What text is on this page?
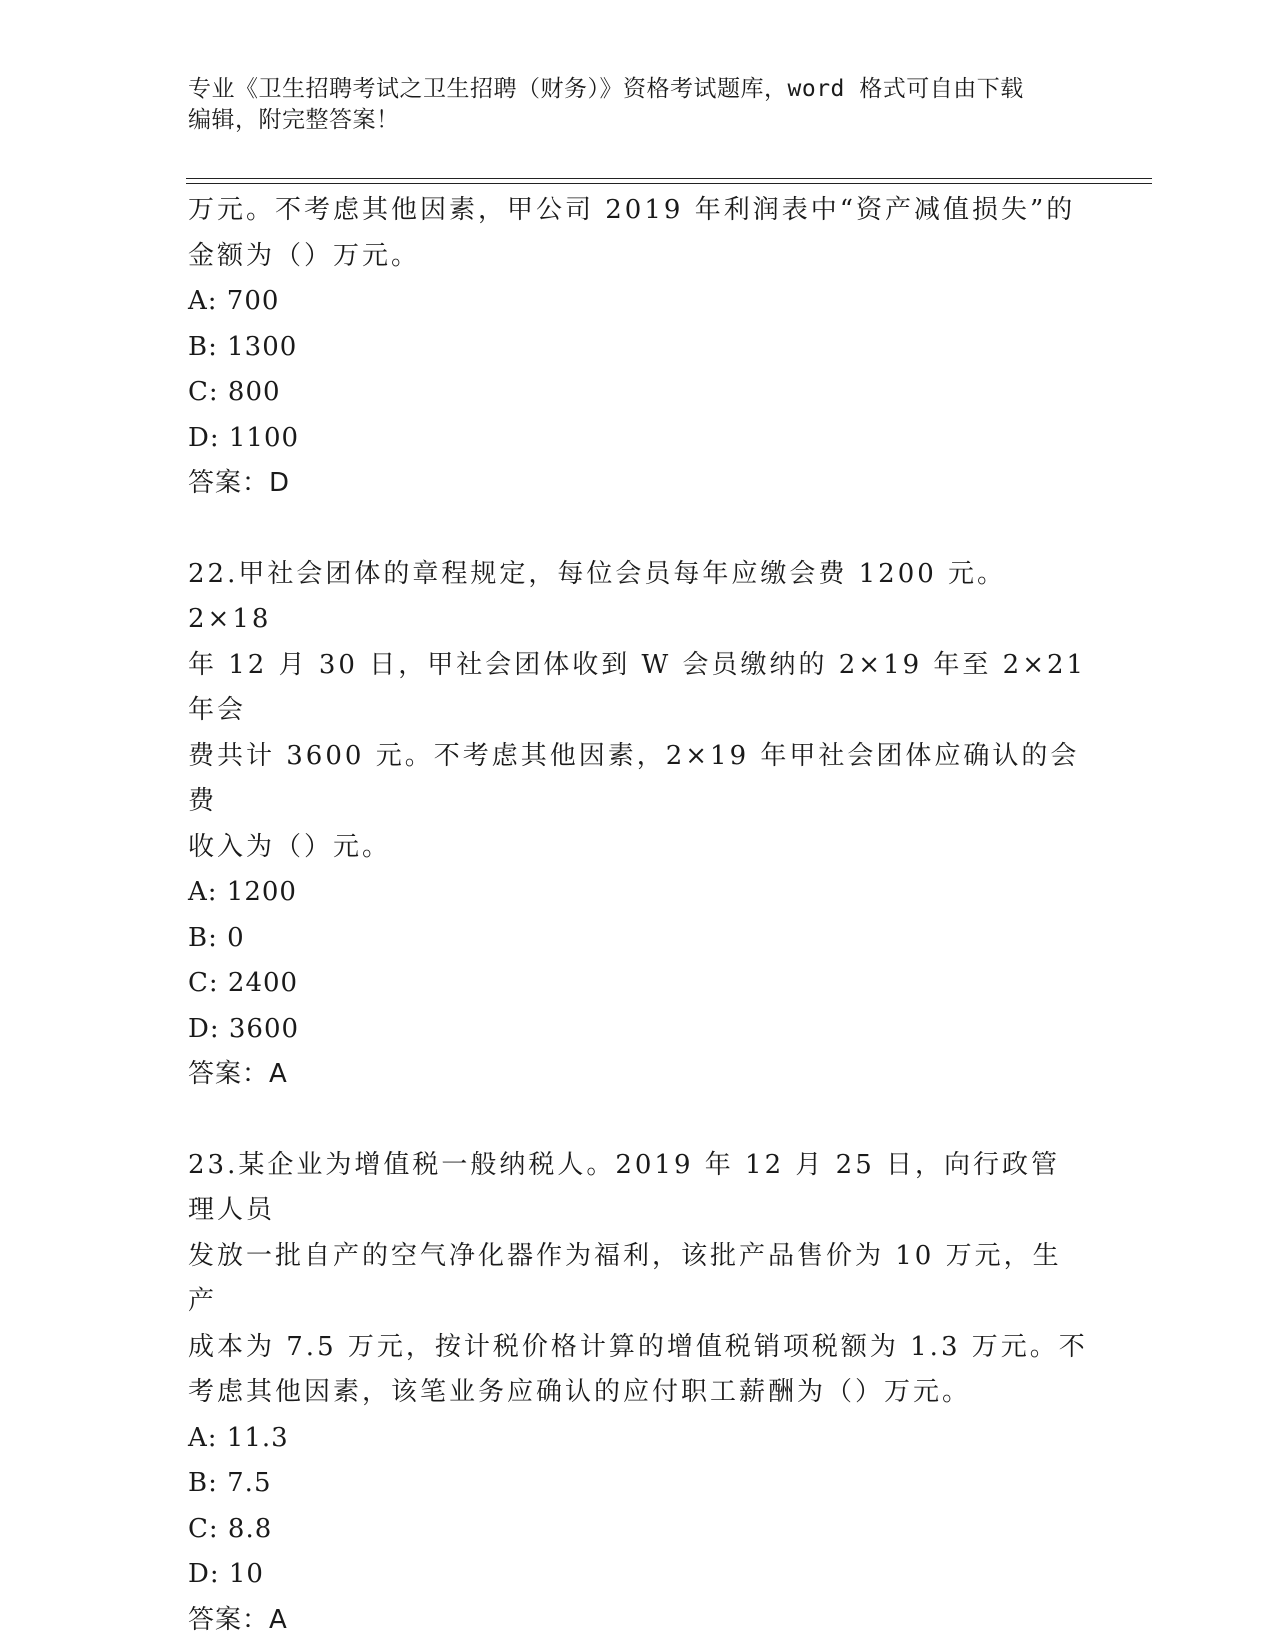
专业《卫生招聘考试之卫生招聘（财务）》资格考试题库，word 格式可自由下载
编辑，附完整答案！

万元。不考虑其他因素，甲公司 2019 年利润表中“资产减值损失”的

金额为（）万元。

A: 700

B: 1300

C: 800

D: 1100

答案：D

22.甲社会团体的章程规定，每位会员每年应缴会费 1200 元。2×18

年 12 月 30 日，甲社会团体收到 W 会员缴纳的 2×19 年至 2×21 年会

费共计 3600 元。不考虑其他因素，2×19 年甲社会团体应确认的会费

收入为（）元。

A: 1200

B: 0

C: 2400

D: 3600

答案：A

23.某企业为增值税一般纳税人。2019 年 12 月 25 日，向行政管理人员

发放一批自产的空气净化器作为福利，该批产品售价为 10 万元，生产

成本为 7.5 万元，按计税价格计算的增值税销项税额为 1.3 万元。不

考虑其他因素，该笔业务应确认的应付职工薪酬为（）万元。

A: 11.3

B: 7.5

C: 8.8

D: 10

答案：A
